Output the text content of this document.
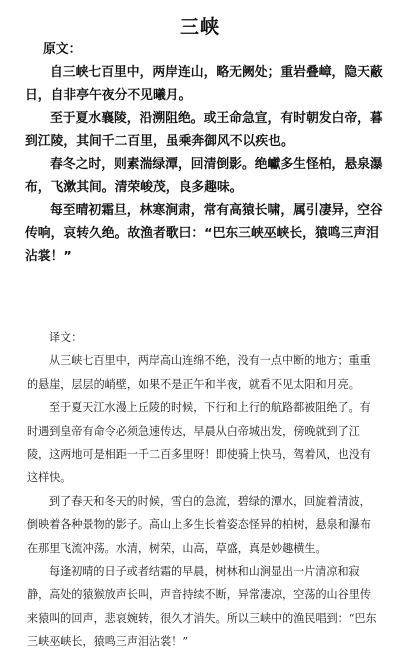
三峡

原文：

自三峡七百里中，两岸连山，略无阙处；重岩叠嶂，隐天蔽日，自非亭午夜分不见曦月。

至于夏水襄陵，沿溯阻绝。或王命急宣，有时朝发白帝，暮到江陵，其间千二百里，虽乘奔御风不以疾也。

春冬之时，则素湍绿潭，回清倒影。绝巘多生怪柏，悬泉瀑布，飞漱其间。清荣峻茂，良多趣味。

每至晴初霜旦，林寒涧肃，常有高猿长啸，属引凄异，空谷传响，哀转久绝。故渔者歌曰：“巴东三峡巫峡长，猿鸣三声泪沾裳！”

译文：

从三峡七百里中，两岸高山连绵不绝，没有一点中断的地方；重重的悬崖，层层的峭壁，如果不是正午和半夜，就看不见太阳和月亮。

至于夏天江水漫上丘陵的时候，下行和上行的航路都被阻绝了。有时遇到皇帝有命令必须急速传达，早晨从白帝城出发，傍晚就到了江陵，这两地可是相距一千二百多里呀！即使骑上快马，驾着风，也没有这样快。

到了春天和冬天的时候，雪白的急流，碧绿的潭水，回旋着清波，倒映着各种景物的影子。高山上多生长着姿态怪异的柏树，悬泉和瀑布在那里飞流冲荡。水清，树荣，山高，草盛，真是妙趣横生。

每逢初晴的日子或者结霜的早晨，树林和山涧显出一片清凉和寂静，高处的猿猴放声长叫，声音持续不断，异常凄凉，空荡的山谷里传来猿叫的回声，悲哀婉转，很久才消失。所以三峡中的渔民唱到：“巴东三峡巫峡长，猿鸣三声泪沾裳！”
